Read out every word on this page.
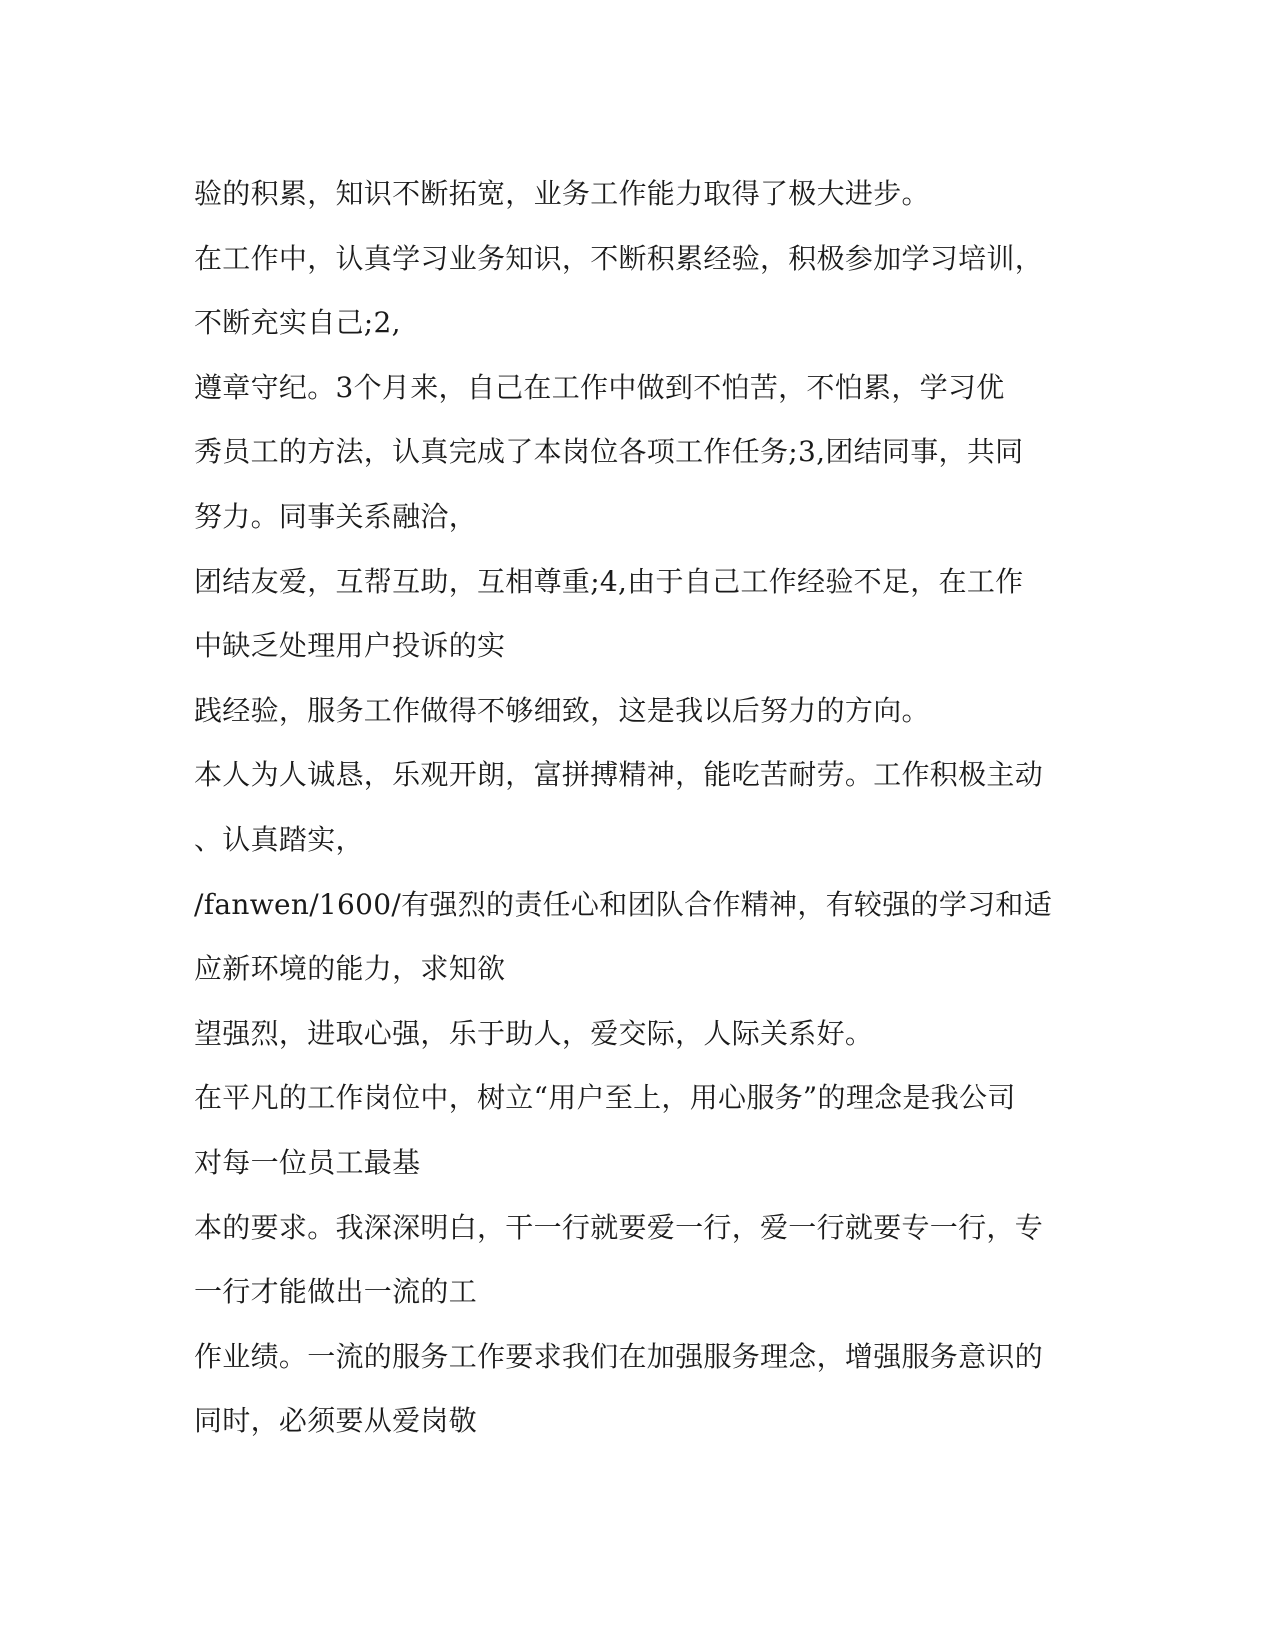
验的积累，知识不断拓宽，业务工作能力取得了极大进步。
在工作中，认真学习业务知识，不断积累经验，积极参加学习培训，
不断充实自己;2,
遵章守纪。3个月来，自己在工作中做到不怕苦，不怕累，学习优
秀员工的方法，认真完成了本岗位各项工作任务;3,团结同事，共同
努力。同事关系融洽，
团结友爱，互帮互助，互相尊重;4,由于自己工作经验不足，在工作
中缺乏处理用户投诉的实
践经验，服务工作做得不够细致，这是我以后努力的方向。
本人为人诚恳，乐观开朗，富拼搏精神，能吃苦耐劳。工作积极主动
、认真踏实，
/fanwen/1600/有强烈的责任心和团队合作精神，有较强的学习和适
应新环境的能力，求知欲
望强烈，进取心强，乐于助人，爱交际，人际关系好。
在平凡的工作岗位中，树立“用户至上，用心服务”的理念是我公司
对每一位员工最基
本的要求。我深深明白，干一行就要爱一行，爱一行就要专一行，专
一行才能做出一流的工
作业绩。一流的服务工作要求我们在加强服务理念，增强服务意识的
同时，必须要从爱岗敬
